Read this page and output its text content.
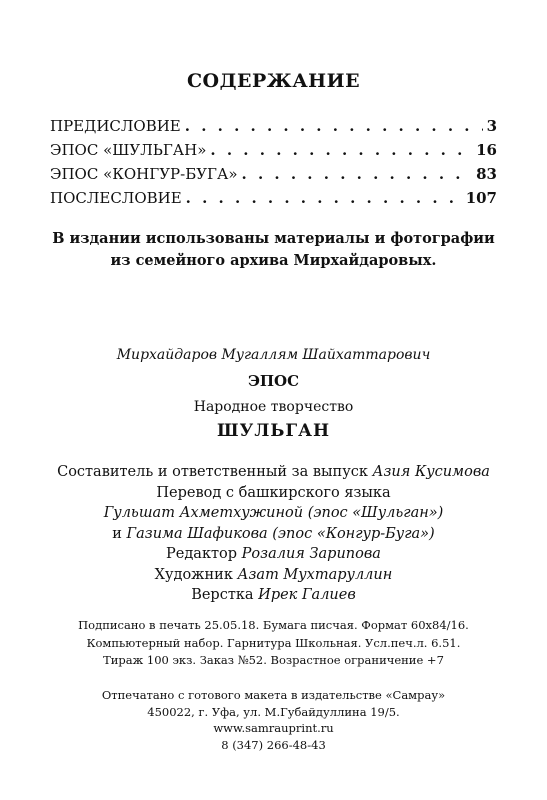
СОДЕРЖАНИЕ
ПРЕДИСЛОВИЕ . . .	3
ЭПОС «ШУЛЬГАН» . . .	16
ЭПОС «КОНГУР-БУГА» . . .	83
ПОСЛЕСЛОВИЕ . . .	107
В издании использованы материалы и фотографии
из семейного архива Мирхайдаровых.
Мирхайдаров Мугаллям Шайхаттарович
ЭПОС
Народное творчество
ШУЛЬГАН
Составитель и ответственный за выпуск Азия Кусимова
Перевод с башкирского языка
Гульшат Ахметхужиной (эпос «Шульган»)
и Газима Шафикова (эпос «Конгур-Буга»)
Редактор Розалия Зарипова
Художник Азат Мухтаруллин
Верстка Ирек Галиев
Подписано в печать 25.05.18. Бумага писчая. Формат 60x84/16.
Компьютерный набор. Гарнитура Школьная. Усл.печ.л. 6.51.
Тираж 100 экз. Заказ №52. Возрастное ограничение +7
Отпечатано с готового макета в издательстве «Самрау»
450022, г. Уфа, ул. М.Губайдуллина 19/5.
www.samrauprint.ru
8 (347) 266-48-43
